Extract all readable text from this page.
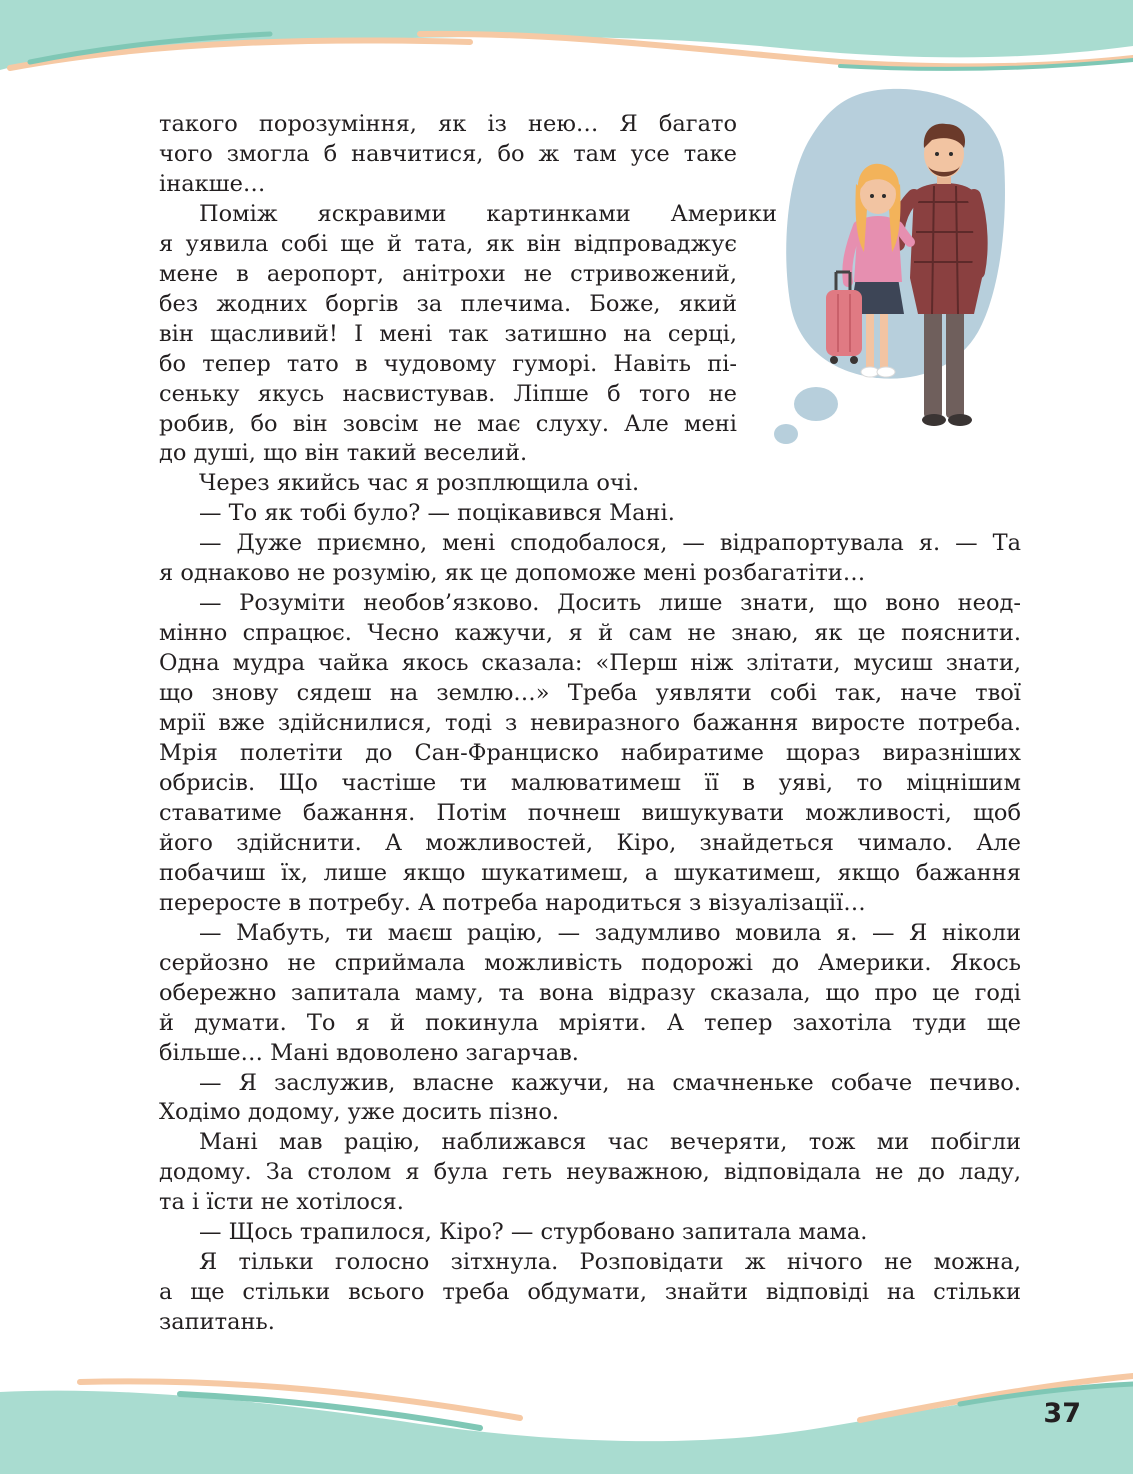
такого порозуміння, як із нею… Я багато
чого змогла б навчитися, бо ж там усе таке
інакше…
Поміж яскравими картинками Америки
я уявила собі ще й тата, як він відпроваджує
мене в аеропорт, анітрохи не стривожений,
без жодних боргів за плечима. Боже, який
він щасливий! І мені так затишно на серці,
бо тепер тато в чудовому гуморі. Навіть пі-
сеньку якусь насвистував. Ліпше б того не
робив, бо він зовсім не має слуху. Але мені
до душі, що він такий веселий.
Через якийсь час я розплющила очі.
— То як тобі було? — поцікавився Мані.
— Дуже приємно, мені сподобалося, — відрапортувала я. — Та
я однаково не розумію, як це допоможе мені розбагатіти…
— Розуміти необов’язково. Досить лише знати, що воно неод-
мінно спрацює. Чесно кажучи, я й сам не знаю, як це пояснити.
Одна мудра чайка якось сказала: «Перш ніж злітати, мусиш знати,
що знову сядеш на землю…» Треба уявляти собі так, наче твої
мрії вже здійснилися, тоді з невиразного бажання виросте потреба.
Мрія полетіти до Сан-Франциско набиратиме щораз виразніших
обрисів. Що частіше ти малюватимеш її в уяві, то міцнішим
ставатиме бажання. Потім почнеш вишукувати можливості, щоб
його здійснити. А можливостей, Кіро, знайдеться чимало. Але
побачиш їх, лише якщо шукатимеш, а шукатимеш, якщо бажання
переросте в потребу. А потреба народиться з візуалізації…
— Мабуть, ти маєш рацію, — задумливо мовила я. — Я ніколи
серйозно не сприймала можливість подорожі до Америки. Якось
обережно запитала маму, та вона відразу сказала, що про це годі
й думати. То я й покинула мріяти. А тепер захотіла туди ще
більше… Мані вдоволено загарчав.
— Я заслужив, власне кажучи, на смачненьке собаче печиво.
Ходімо додому, уже досить пізно.
Мані мав рацію, наближався час вечеряти, тож ми побігли
додому. За столом я була геть неуважною, відповідала не до ладу,
та і їсти не хотілося.
— Щось трапилося, Кіро? — стурбовано запитала мама.
Я тільки голосно зітхнула. Розповідати ж нічого не можна,
а ще стільки всього треба обдумати, знайти відповіді на стільки
запитань.
37
